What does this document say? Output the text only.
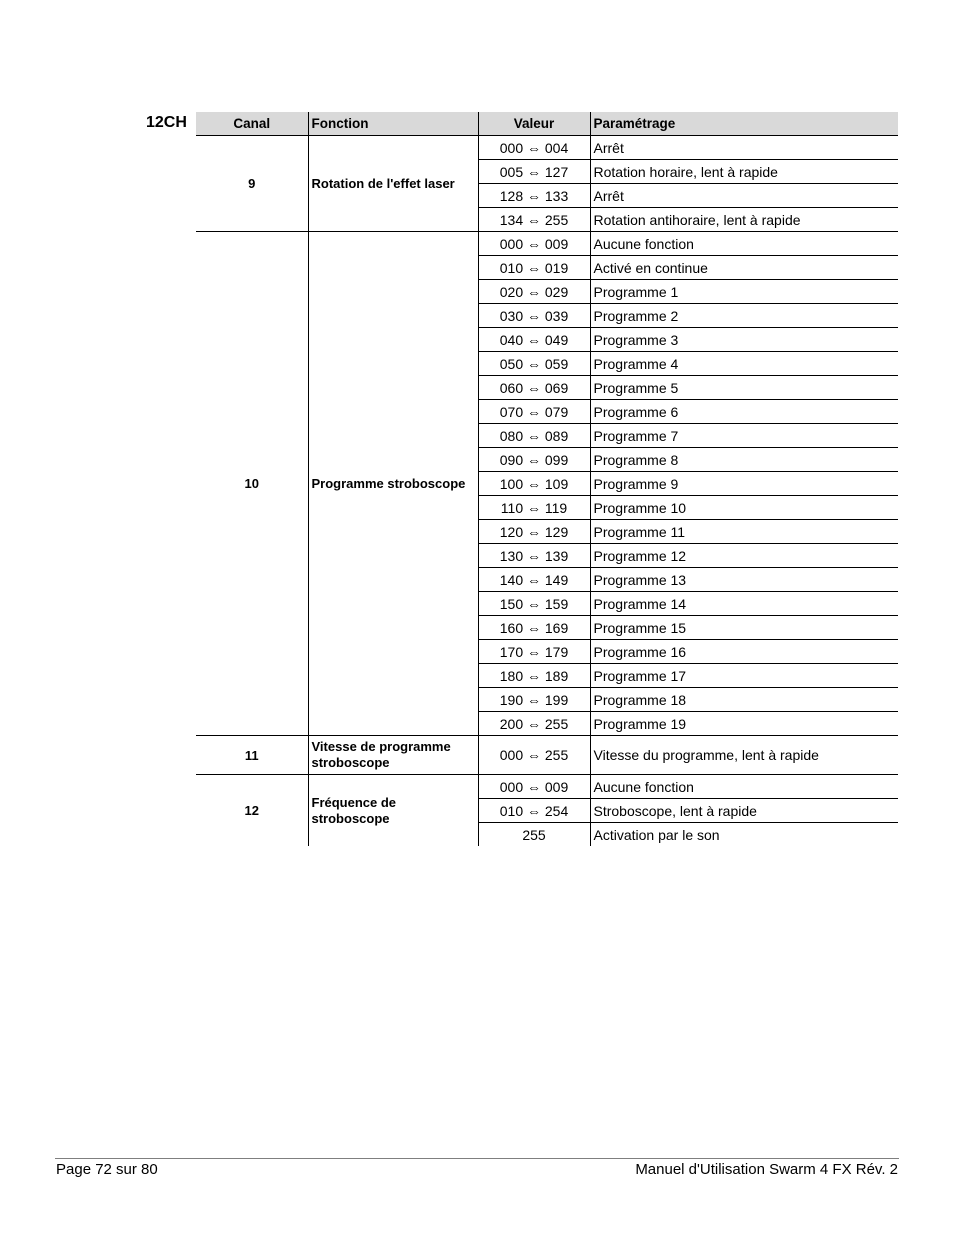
12CH	Canal	Fonction	Valeur	Paramétrage
9	Rotation de l'effet laser	000 ⇔ 004	Arrêt
		005 ⇔ 127	Rotation horaire, lent à rapide
		128 ⇔ 133	Arrêt
		134 ⇔ 255	Rotation antihoraire, lent à rapide
10	Programme stroboscope	000 ⇔ 009	Aucune fonction
		010 ⇔ 019	Activé en continue
		020 ⇔ 029	Programme 1
		030 ⇔ 039	Programme 2
		040 ⇔ 049	Programme 3
		050 ⇔ 059	Programme 4
		060 ⇔ 069	Programme 5
		070 ⇔ 079	Programme 6
		080 ⇔ 089	Programme 7
		090 ⇔ 099	Programme 8
		100 ⇔ 109	Programme 9
		110 ⇔ 119	Programme 10
		120 ⇔ 129	Programme 11
		130 ⇔ 139	Programme 12
		140 ⇔ 149	Programme 13
		150 ⇔ 159	Programme 14
		160 ⇔ 169	Programme 15
		170 ⇔ 179	Programme 16
		180 ⇔ 189	Programme 17
		190 ⇔ 199	Programme 18
		200 ⇔ 255	Programme 19
11	Vitesse de programme stroboscope	000 ⇔ 255	Vitesse du programme, lent à rapide
12	Fréquence de stroboscope	000 ⇔ 009	Aucune fonction
		010 ⇔ 254	Stroboscope, lent à rapide
		255	Activation par le son
Page 72 sur 80	Manuel d'Utilisation Swarm 4 FX Rév. 2
